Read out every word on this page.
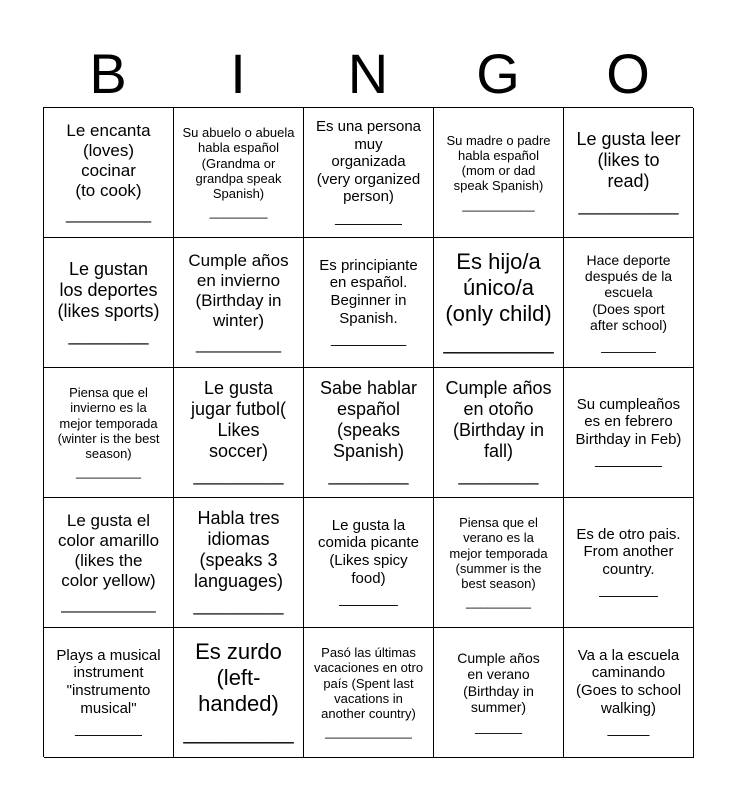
B	I	N	G	O
Le encanta
(loves)
cocinar
(to cook)
_________
Su abuelo o abuela
habla español
(Grandma or
grandpa speak
Spanish)
________
Es una persona
muy
organizada
(very organized
person)
________
Su madre o padre
habla español
(mom or dad
speak Spanish)
__________
Le gusta leer
(likes to
read)
__________
Le gustan
los deportes
(likes sports)
________
Cumple años
en invierno
(Birthday in
winter)
_________
Es principiante
en español.
Beginner in
Spanish.
_________
Es hijo/a
único/a
(only child)
_________
Hace deporte
después de la
escuela
(Does sport
after school)
_______
Piensa que el
invierno es la
mejor temporada
(winter is the best
season)
_________
Le gusta
jugar futbol(
Likes
soccer)
_________
Sabe hablar
español
(speaks
Spanish)
________
Cumple años
en otoño
(Birthday in
fall)
________
Su cumpleaños
es en febrero
Birthday in Feb)
________
Le gusta el
color amarillo
(likes the
color yellow)
__________
Habla tres
idiomas
(speaks 3
languages)
_________
Le gusta la
comida picante
(Likes spicy
food)
_______
Piensa que el
verano es la
mejor temporada
(summer is the
best season)
_________
Es de otro pais.
From another
country.
_______
Plays a musical
instrument
"instrumento
musical"
________
Es zurdo
(left-
handed)
_________
Pasó las últimas
vacaciones en otro
país (Spent last
vacations in
another country)
____________
Cumple años
en verano
(Birthday in
summer)
______
Va a la escuela
caminando
(Goes to school
walking)
_____
